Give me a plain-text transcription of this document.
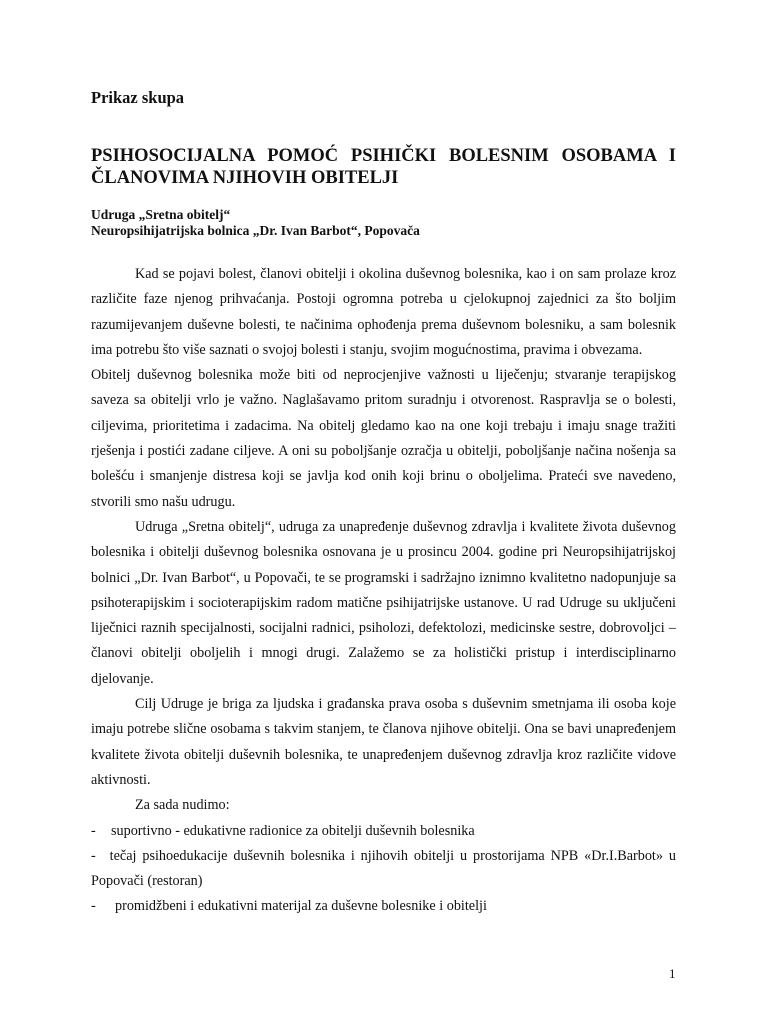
Prikaz skupa
PSIHOSOCIJALNA POMOĆ PSIHIČKI BOLESNIM OSOBAMA I ČLANOVIMA NJIHOVIH OBITELJI
Udruga „Sretna obitelj“
Neuropsihijatrijska bolnica „Dr. Ivan Barbot“, Popovača

Kad se pojavi bolest, članovi obitelji i okolina duševnog bolesnika, kao i on sam prolaze kroz različite faze njenog prihvaćanja. Postoji ogromna potreba u cjelokupnoj zajednici za što boljim razumijevanjem duševne bolesti, te načinima ophođenja prema duševnom bolesniku, a sam bolesnik ima potrebu što više saznati o svojoj bolesti i stanju, svojim mogućnostima, pravima i obvezama.

Obitelj duševnog bolesnika može biti od neprocjenjive važnosti u liječenju; stvaranje terapijskog saveza sa obitelji vrlo je važno. Naglašavamo pritom suradnju i otvorenost. Raspravlja se o bolesti, ciljevima, prioritetima i zadacima. Na obitelj gledamo kao na one koji trebaju i imaju snage tražiti rješenja i postići zadane ciljeve. A oni su poboljšanje ozračja u obitelji, poboljšanje načina nošenja sa bolešću i smanjenje distresa koji se javlja kod onih koji brinu o oboljelima. Prateći sve navedeno, stvorili smo našu udrugu.

Udruga „Sretna obitelj“, udruga za unapređenje duševnog zdravlja i kvalitete života duševnog bolesnika i obitelji duševnog bolesnika osnovana je u prosincu 2004. godine pri Neuropsihijatrijskoj bolnici „Dr. Ivan Barbot“, u Popovači, te se programski i sadržajno iznimno kvalitetno nadopunjuje sa psihoterapijskim i socioterapijskim radom matične psihijatrijske ustanove. U rad Udruge su uključeni liječnici raznih specijalnosti, socijalni radnici, psiholozi, defektolozi, medicinske sestre, dobrovoljci – članovi obitelji oboljelih i mnogi drugi. Zalažemo se za holistički pristup i interdisciplinarno djelovanje.

Cilj Udruge je briga za ljudska i građanska prava osoba s duševnim smetnjama ili osoba koje imaju potrebe slične osobama s takvim stanjem, te članova njihove obitelji. Ona se bavi unapređenjem kvalitete života obitelji duševnih bolesnika, te unapređenjem duševnog zdravlja kroz različite vidove aktivnosti.

Za sada nudimo:

-	suportivno - edukativne radionice za obitelji duševnih bolesnika
- tečaj psihoedukacije duševnih bolesnika i njihovih obitelji u prostorijama NPB «Dr.I.Barbot» u Popovači (restoran)
-	promidžbeni i edukativni materijal za duševne bolesnike i obitelji
1
